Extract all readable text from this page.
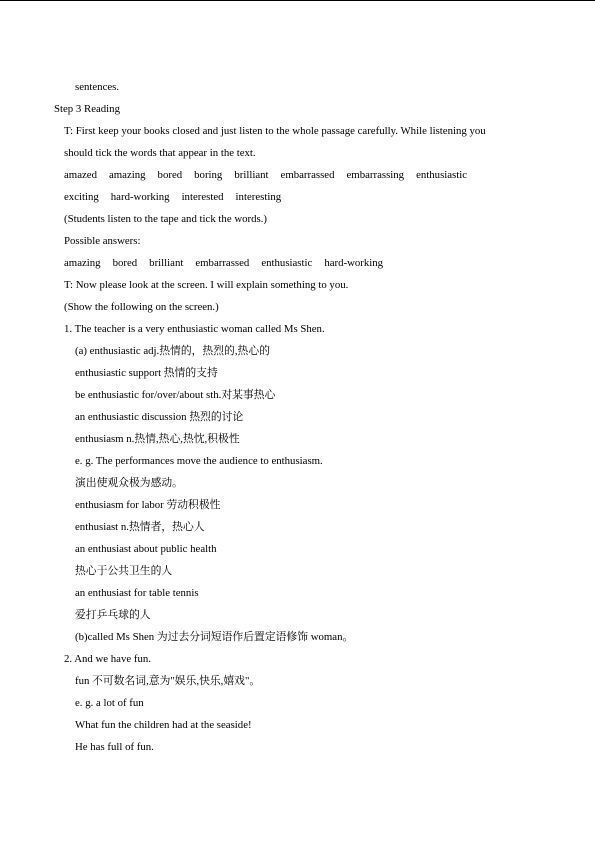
sentences.
Step 3 Reading
T: First keep your books closed and just listen to the whole passage carefully. While listening you
should tick the words that appear in the text.
amazed amazing bored boring brilliant embarrassed embarrassing enthusiastic
exciting hard-working interested interesting
(Students listen to the tape and tick the words.)
Possible answers:
amazing bored brilliant embarrassed enthusiastic hard-working
T: Now please look at the screen. I will explain something to you.
(Show the following on the screen.)
1. The teacher is a very enthusiastic woman called Ms Shen.
(a) enthusiastic adj.热情的，热烈的,热心的
enthusiastic support 热情的支持
be enthusiastic for/over/about sth.对某事热心
an enthusiastic discussion 热烈的讨论
enthusiasm n.热情,热心,热忱,积极性
e. g. The performances move the audience to enthusiasm.
演出使观众极为感动。
enthusiasm for labor 劳动积极性
enthusiast n.热情者，热心人
an enthusiast about public health
热心于公共卫生的人
an enthusiast for table tennis
爱打乒乓球的人
(b)called Ms Shen 为过去分词短语作后置定语修饰 woman。
2. And we have fun.
fun 不可数名词,意为"娱乐,快乐,嬉戏"。
e. g. a lot of fun
What fun the children had at the seaside!
He has full of fun.
